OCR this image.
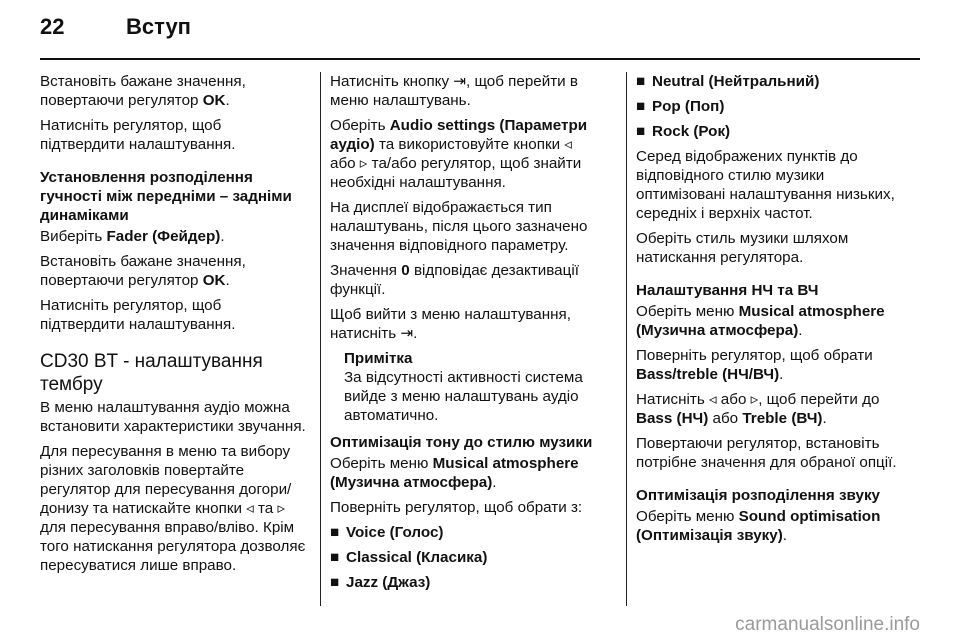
22	Вступ

Встановіть бажане значення, повертаючи регулятор OK.

Натисніть регулятор, щоб підтвердити налаштування.

Установлення розподілення гучності між передніми – задніми динаміками

Виберіть Fader (Фейдер).

Встановіть бажане значення, повертаючи регулятор OK.

Натисніть регулятор, щоб підтвердити налаштування.

CD30 BT - налаштування тембру

В меню налаштування аудіо можна встановити характеристики звучання.

Для пересування в меню та вибору різних заголовків повертайте регулятор для пересування догори/донизу та натискайте кнопки ◃ та ▹ для пересування вправо/вліво. Крім того натискання регулятора дозволяє пересуватися лише вправо.

Натисніть кнопку ⇥, щоб перейти в меню налаштувань.

Оберіть Audio settings (Параметри аудіо) та використовуйте кнопки ◃ або ▹ та/або регулятор, щоб знайти необхідні налаштування.

На дисплеї відображається тип налаштувань, після цього зазначено значення відповідного параметру.

Значення 0 відповідає дезактивації функції.

Щоб вийти з меню налаштування, натисніть ⇥.

Примітка
За відсутності активності система вийде з меню налаштувань аудіо автоматично.

Оптимізація тону до стилю музики

Оберіть меню Musical atmosphere (Музична атмосфера).

Поверніть регулятор, щоб обрати з:

■ Voice (Голос)
■ Classical (Класика)
■ Jazz (Джаз)
■ Neutral (Нейтральний)
■ Pop (Поп)
■ Rock (Рок)

Серед відображених пунктів до відповідного стилю музики оптимізовані налаштування низьких, середніх і верхніх частот.

Оберіть стиль музики шляхом натискання регулятора.

Налаштування НЧ та ВЧ

Оберіть меню Musical atmosphere (Музична атмосфера).

Поверніть регулятор, щоб обрати Bass/treble (НЧ/ВЧ).

Натисніть ◃ або ▹, щоб перейти до Bass (НЧ) або Treble (ВЧ).

Повертаючи регулятор, встановіть потрібне значення для обраної опції.

Оптимізація розподілення звуку

Оберіть меню Sound optimisation (Оптимізація звуку).

carmanualsonline.info
